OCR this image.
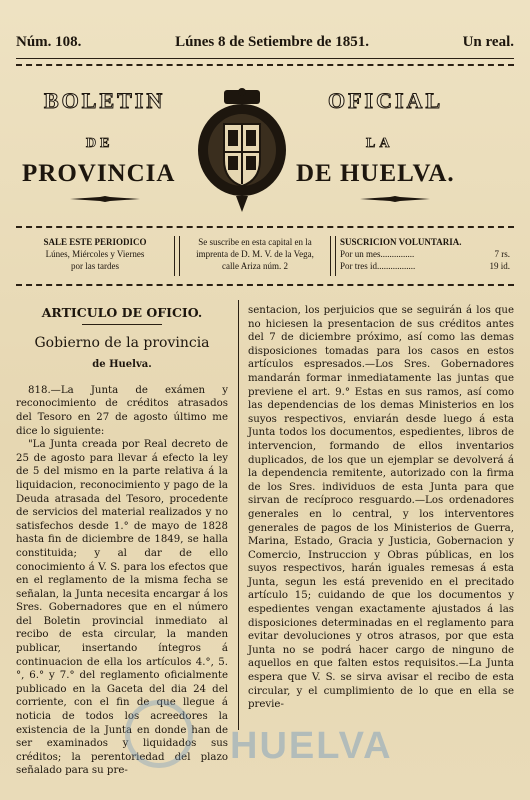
Núm. 108.	Lúnes 8 de Setiembre de 1851.	Un real.
BOLETIN	OFICIAL
DE	LA
PROVINCIA	DE HUELVA.
SALE ESTE PERIODICO
Lúnes, Miércoles y Viernes
por las tardes
Se suscribe en esta capital en la
imprenta de D. M. V. de la Vega,
calle Ariza núm. 2
SUSCRICION VOLUNTARIA.
Por un mes...............	7 rs.
Por tres id.................	19 id.
ARTICULO DE OFICIO.
Gobierno de la provincia
de Huelva.

818.—La Junta de exámen y reconocimiento de créditos atrasados del Tesoro en 27 de agosto último me dice lo siguiente:

"La Junta creada por Real decreto de 25 de agosto para llevar á efecto la ley de 5 del mismo en la parte relativa á la liquidacion, reconocimiento y pago de la Deuda atrasada del Tesoro, procedente de servicios del material realizados y no satisfechos desde 1.° de mayo de 1828 hasta fin de diciembre de 1849, se halla constituida; y al dar de ello conocimiento á V. S. para los efectos que en el reglamento de la misma fecha se señalan, la Junta necesita encargar á los Sres. Gobernadores que en el número del Boletin provincial inmediato al recibo de esta circular, la manden publicar, insertando íntegros á continuacion de ella los artículos 4.°, 5.°, 6.° y 7.° del reglamento oficialmente publicado en la Gaceta del dia 24 del corriente, con el fin de que llegue á noticia de todos los acreedores la existencia de la Junta en donde han de ser examinados y liquidados sus créditos; la perentoriedad del plazo señalado para su pre-

sentacion, los perjuicios que se seguirán á los que no hiciesen la presentacion de sus créditos antes del 7 de diciembre próximo, así como las demas disposiciones tomadas para los casos en estos artículos espresados.—Los Sres. Gobernadores mandarán formar inmediatamente las juntas que previene el art. 9.° Estas en sus ramos, así como las dependencias de los demas Ministerios en los suyos respectivos, enviarán desde luego á esta Junta todos los documentos, espedientes, libros de intervencion, formando de ellos inventarios duplicados, de los que un ejemplar se devolverá á la dependencia remitente, autorizado con la firma de los Sres. individuos de esta Junta para que sirvan de recíproco resguardo.—Los ordenadores generales en lo central, y los interventores generales de pagos de los Ministerios de Guerra, Marina, Estado, Gracia y Justicia, Gobernacion y Comercio, Instruccion y Obras públicas, en los suyos respectivos, harán iguales remesas á esta Junta, segun les está prevenido en el precitado artículo 15; cuidando de que los documentos y espedientes vengan exactamente ajustados á las disposiciones determinadas en el reglamento para evitar devoluciones y otros atrasos, por que esta Junta no se podrá hacer cargo de ninguno de aquellos en que falten estos requisitos.—La Junta espera que V. S. se sirva avisar el recibo de esta circular, y el cumplimiento de lo que en ella se previe-

HUELVA
